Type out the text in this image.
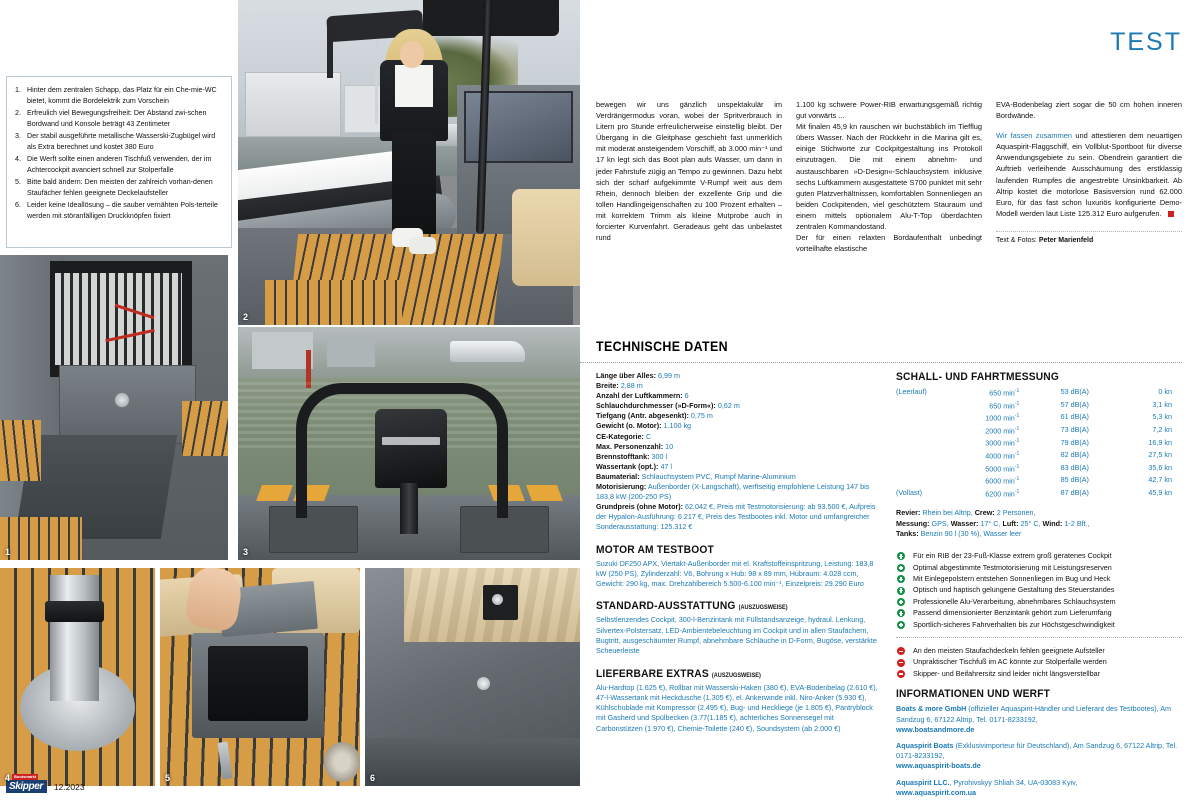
2
1	3
4	5	6
Hinter dem zentralen Schapp, das Platz für ein Che-mie-WC bietet, kommt die Bordelektrik zum Vorschein
Erfreulich viel Bewegungsfreiheit: Der Abstand zwi-schen Bordwand und Konsole beträgt 43 Zentimeter
Der stabil ausgeführte metallische Wasserski-Zugbügel wird als Extra berechnet und kostet 380 Euro
Die Werft sollte einen anderen Tischfuß verwenden, der im Achtercockpit avanciert schnell zur Stolperfalle
Bitte bald ändern: Den meisten der zahlreich vorhan-denen Staufächer fehlen geeignete Deckelaufsteller
Leider keine Ideallösung – die sauber vernähten Pols-terteile werden mit störanfälligen Druckknöpfen fixiert
Bootsmarkt
Skipper	12.2023
TEST

bewegen wir uns gänzlich unspektakulär im Verdrängermodus voran, wobei der Spritverbrauch in Litern pro Stunde erfreulicherweise einstellig bleibt. Der Übergang in die Gleitphase geschieht fast unmerklich mit moderat ansteigendem Vorschiff, ab 3.000 min⁻¹ und 17 kn legt sich das Boot plan aufs Wasser, um dann in jeder Fahrstufe zügig an Tempo zu gewinnen. Dazu hebt sich der scharf aufgekimmte V-Rumpf weit aus dem Rhein, dennoch bleiben der exzellente Grip und die tollen Handlingeigenschaften zu 100 Prozent erhalten – mit korrektem Trimm als kleine Mutprobe auch in forcierter Kurvenfahrt. Geradeaus geht das unbelastet rund

1.100 kg schwere Power-RIB erwartungsgemäß richtig gut vorwärts ...

Mit finalen 45,9 kn rauschen wir buchstäblich im Tiefflug übers Wasser. Nach der Rückkehr in die Marina gilt es, einige Stichworte zur Cockpitgestaltung ins Protokoll einzutragen. Die mit einem abnehm- und austauschbaren »D-Design«-Schlauchsystem inklusive sechs Luftkammern ausgestattete S700 punktet mit sehr guten Platzverhältnissen, komfortablen Sonnenliegen an beiden Cockpitenden, viel geschütztem Stauraum und einem mittels optionalem Alu-T-Top überdachten zentralen Kommandostand.

Der für einen relaxten Bordaufenthalt unbedingt vorteilhafte elastische

EVA-Bodenbelag ziert sogar die 50 cm hohen inneren Bordwände.

Wir fassen zusammen und attestieren dem neuartigen Aquaspirit-Flaggschiff, ein Vollblut-Sportboot für diverse Anwendungsgebiete zu sein. Obendrein garantiert die Auftrieb verleihende Ausschäumung des erstklassig laufenden Rumpfes die angestrebte Unsinkbarkeit. Ab Altrip kostet die motorlose Basisversion rund 62.000 Euro, für das fast schon luxuriös konfigurierte Demo-Modell werden laut Liste 125.312 Euro aufgerufen.

Text & Fotos: Peter Marienfeld
TECHNISCHE DATEN
Länge über Alles: 6,99 m
Breite: 2,88 m
Anzahl der Luftkammern: 6
Schlauchdurchmesser (»D-Form«): 0,62 m
Tiefgang (Antr. abgesenkt): 0,75 m
Gewicht (o. Motor): 1.100 kg
CE-Kategorie: C
Max. Personenzahl: 10
Brennstofftank: 300 l
Wassertank (opt.): 47 l
Baumaterial: Schlauchsystem PVC, Rumpf Marine-Aluminium
Motorisierung: Außenborder (X-Langschaft), werftseitig empfohlene Leistung 147 bis 183,8 kW (200-250 PS)
Grundpreis (ohne Motor): 62.042 €, Preis mit Testmotorisierung: ab 93.500 €, Aufpreis der Hypalon-Ausführung: 6.217 €, Preis des Testbootes inkl. Motor und umfangreicher Sonderausstattung: 125.312 €
MOTOR AM TESTBOOT
Suzuki DF250 APX, Viertakt-Außenborder mit el. Kraftstoffeinspritzung, Leistung: 183,8 kW (250 PS), Zylinderzahl: V6, Bohrung x Hub: 98 x 89 mm, Hubraum: 4.028 ccm, Gewicht: 290 kg, max. Drehzahlbereich 5.500-6.100 min⁻¹, Einzelpreis: 29.290 Euro
STANDARD-AUSSTATTUNG (AUSZUGSWEISE)
Selbstlenzendes Cockpit, 300-l-Benzintank mit Füllstandsanzeige, hydraul. Lenkung, Silvertex-Polstersatz, LED-Ambientebeleuchtung im Cockpit und in allen Staufächern, Bugtritt, ausgeschäumter Rumpf, abnehmbare Schläuche in D-Form, Bugöse, verstärkte Scheuerleiste
LIEFERBARE EXTRAS (AUSZUGSWEISE)
Alu-Hardtop (1.625 €), Rollbar mit Wasserski-Haken (380 €), EVA-Bodenbelag (2.610 €), 47-l-Wassertank mit Heckdusche (1.305 €), el. Ankerwinde inkl. Niro-Anker (5.930 €), Kühlschublade mit Kompressor (2.495 €), Bug- und Heckliege (je 1.805 €), Pantryblock mit Gasherd und Spülbecken (3.77(1.185 €), achterliches Sonnensegel mit Carbonstützen (1.970 €), Chemie-Toilette (240 €), Soundsystem (ab 2.000 €)
SCHALL- UND FAHRTMESSUNG
(Leerlauf)	650 $\min^{-1}$	53 dB(A)	0 kn
	650 $\min^{-1}$	57 dB(A)	3,1 kn
	1000 $\min^{-1}$	61 dB(A)	5,3 kn
	2000 $\min^{-1}$	73 dB(A)	7,2 kn
	3000 $\min^{-1}$	79 dB(A)	16,9 kn
	4000 $\min^{-1}$	82 dB(A)	27,5 kn
	5000 $\min^{-1}$	83 dB(A)	35,6 kn
	6000 $\min^{-1}$	85 dB(A)	42,7 kn
(Vollast)	6200 $\min^{-1}$	87 dB(A)	45,9 kn
Revier: Rhein bei Altrip, Crew: 2 Personen,
Messung: GPS, Wasser: 17° C, Luft: 25° C, Wind: 1-2 Bft.,
Tanks: Benzin 90 l (30 %), Wasser leer
Für ein RIB der 23-Fuß-Klasse extrem groß geratenes Cockpit
Optimal abgestimmte Testmotorisierung mit Leistungsreserven
Mit Einlegepolstern entstehen Sonnenliegen im Bug und Heck
Optisch und haptisch gelungene Gestaltung des Steuerstandes
Professionelle Alu-Verarbeitung, abnehmbares Schlauchsystem
Passend dimensionierter Benzintank gehört zum Lieferumfang
Sportlich-sicheres Fahrverhalten bis zur Höchstgeschwindigkeit
An den meisten Staufachdeckeln fehlen geeignete Aufsteller
Unpraktischer Tischfuß im AC könnte zur Stolperfalle werden
Skipper- und Beifahrersitz sind leider nicht längsverstellbar
INFORMATIONEN UND WERFT
Boats & more GmbH (offizieller Aquaspirit-Händler und Lieferant des Testbootes), Am Sandzug 6, 67122 Altrip, Tel. 0171-8233192,
www.boatsandmore.de
Aquaspirit Boats (Exklusivimporteur für Deutschland), Am Sandzug 6, 67122 Altrip, Tel. 0171-8233192,
www.aquaspirit-boats.de
Aquaspirit LLC., Pyrohivskyy Shliah 34, UA-03083 Kyiv,
www.aquaspirit.com.ua
